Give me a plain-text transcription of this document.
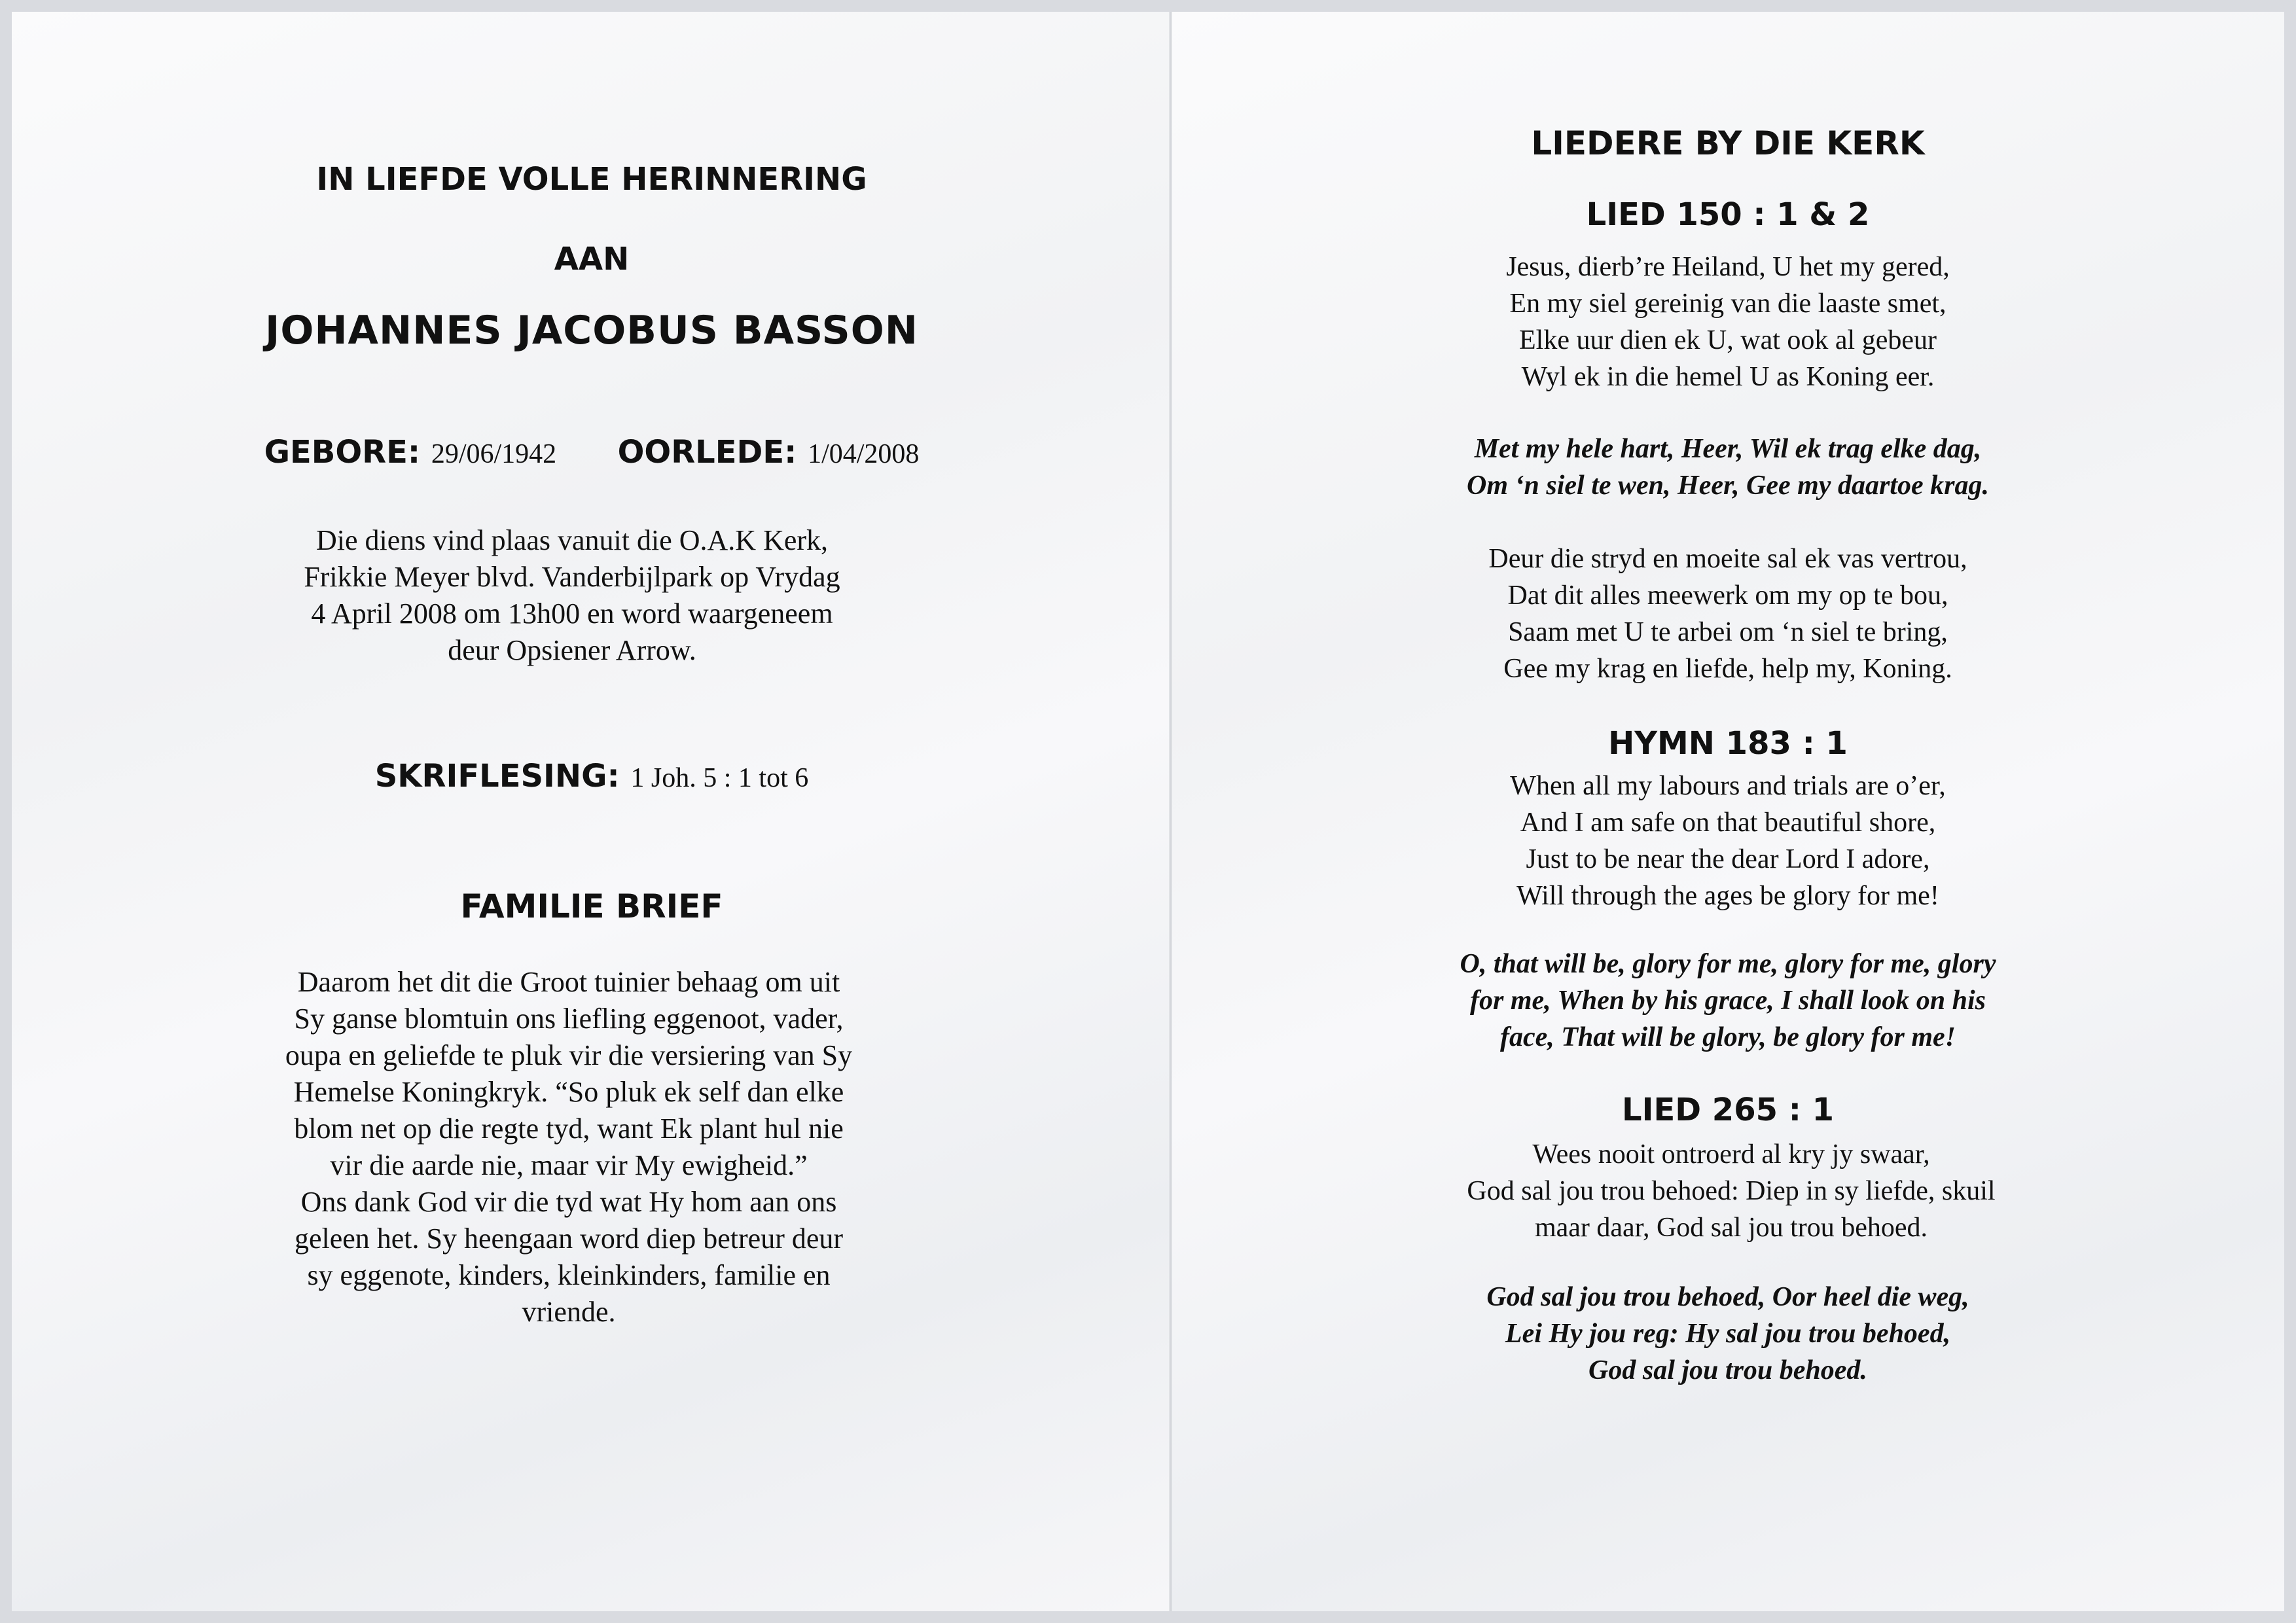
IN LIEFDE VOLLE HERINNERING
AAN
JOHANNES JACOBUS BASSON
GEBORE: 29/06/1942 OORLEDE: 1/04/2008
Die diens vind plaas vanuit die O.A.K Kerk,
Frikkie Meyer blvd. Vanderbijlpark op Vrydag
4 April 2008 om 13h00 en word waargeneem
deur Opsiener Arrow.
SKRIFLESING: 1 Joh. 5 : 1 tot 6
FAMILIE BRIEF

Daarom het dit die Groot tuinier behaag om uit
Sy ganse blomtuin ons liefling eggenoot, vader,
oupa en geliefde te pluk vir die versiering van Sy
Hemelse Koningkryk. “So pluk ek self dan elke
blom net op die regte tyd, want Ek plant hul nie
vir die aarde nie, maar vir My ewigheid.”

Ons dank God vir die tyd wat Hy hom aan ons
geleen het. Sy heengaan word diep betreur deur
sy eggenote, kinders, kleinkinders, familie en
vriende.

LIEDERE BY DIE KERK
LIED 150 : 1 & 2
Jesus, dierb’re Heiland, U het my gered,
En my siel gereinig van die laaste smet,
Elke uur dien ek U, wat ook al gebeur
Wyl ek in die hemel U as Koning eer.
Met my hele hart, Heer, Wil ek trag elke dag,
Om ‘n siel te wen, Heer, Gee my daartoe krag.
Deur die stryd en moeite sal ek vas vertrou,
Dat dit alles meewerk om my op te bou,
Saam met U te arbei om ‘n siel te bring,
Gee my krag en liefde, help my, Koning.
HYMN 183 : 1
When all my labours and trials are o’er,
And I am safe on that beautiful shore,
Just to be near the dear Lord I adore,
Will through the ages be glory for me!
O, that will be, glory for me, glory for me, glory
for me, When by his grace, I shall look on his
face, That will be glory, be glory for me!
LIED 265 : 1
Wees nooit ontroerd al kry jy swaar,
God sal jou trou behoed: Diep in sy liefde, skuil
maar daar, God sal jou trou behoed.
God sal jou trou behoed, Oor heel die weg,
Lei Hy jou reg: Hy sal jou trou behoed,
God sal jou trou behoed.
